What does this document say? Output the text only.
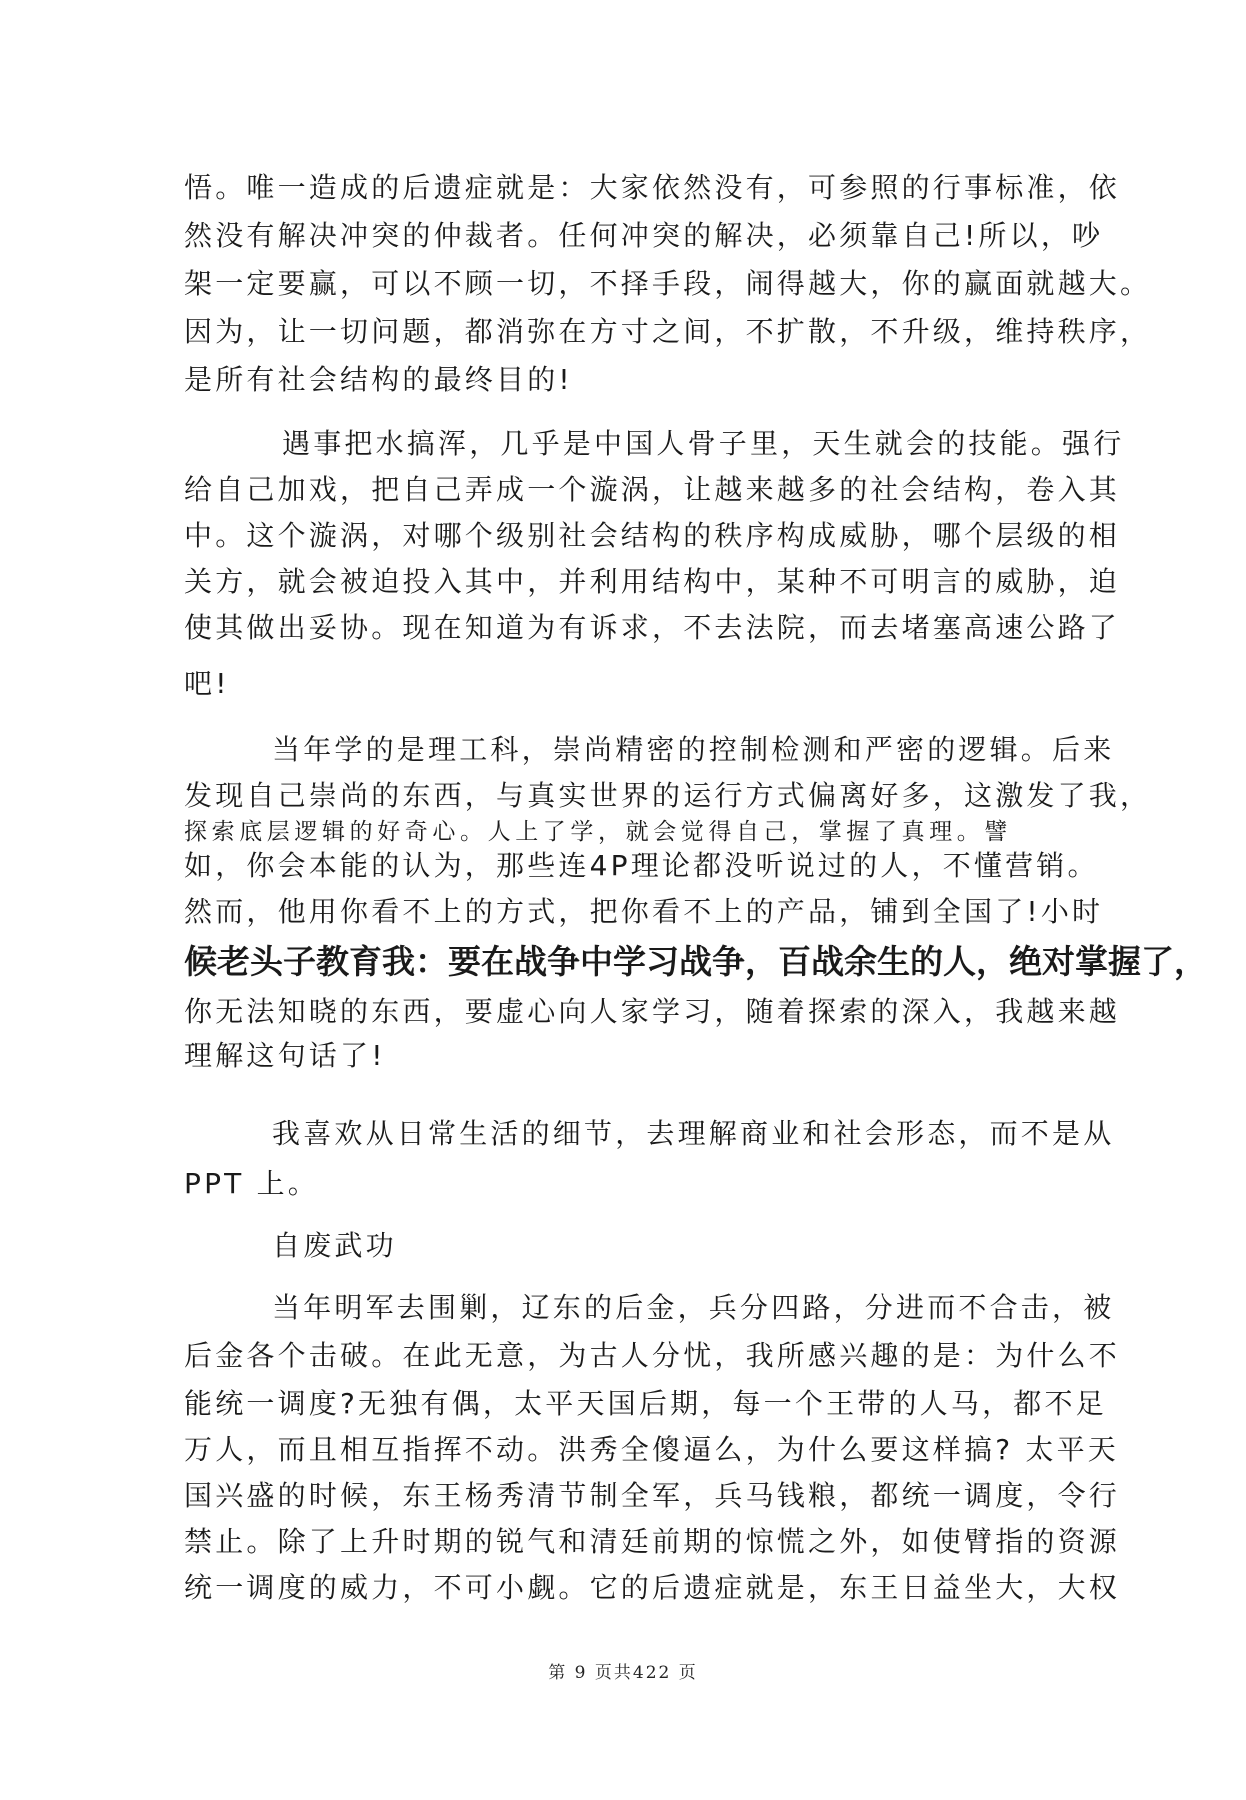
悟。唯一造成的后遗症就是：大家依然没有，可参照的行事标准，依
然没有解决冲突的仲裁者。任何冲突的解决，必须靠自己!所以，吵
架一定要赢，可以不顾一切，不择手段，闹得越大，你的赢面就越大。
因为，让一切问题，都消弥在方寸之间，不扩散，不升级，维持秩序，
是所有社会结构的最终目的!
遇事把水搞浑，几乎是中国人骨子里，天生就会的技能。强行
给自己加戏，把自己弄成一个漩涡，让越来越多的社会结构，卷入其
中。这个漩涡，对哪个级别社会结构的秩序构成威胁，哪个层级的相
关方，就会被迫投入其中，并利用结构中，某种不可明言的威胁，迫
使其做出妥协。现在知道为有诉求，不去法院，而去堵塞高速公路了
吧!
当年学的是理工科，崇尚精密的控制检测和严密的逻辑。后来
发现自己崇尚的东西，与真实世界的运行方式偏离好多，这激发了我，
探索底层逻辑的好奇心。人上了学，就会觉得自己，掌握了真理。譬
如，你会本能的认为，那些连4P理论都没听说过的人，不懂营销。
然而，他用你看不上的方式，把你看不上的产品，铺到全国了!小时
候老头子教育我：要在战争中学习战争，百战余生的人，绝对掌握了，
你无法知晓的东西，要虚心向人家学习，随着探索的深入，我越来越
理解这句话了!
我喜欢从日常生活的细节，去理解商业和社会形态，而不是从
PPT 上。
自废武功
当年明军去围剿，辽东的后金，兵分四路，分进而不合击，被
后金各个击破。在此无意，为古人分忧，我所感兴趣的是：为什么不
能统一调度?无独有偶，太平天国后期，每一个王带的人马，都不足
万人，而且相互指挥不动。洪秀全傻逼么，为什么要这样搞? 太平天
国兴盛的时候，东王杨秀清节制全军，兵马钱粮，都统一调度，令行
禁止。除了上升时期的锐气和清廷前期的惊慌之外，如使臂指的资源
统一调度的威力，不可小觑。它的后遗症就是，东王日益坐大，大权
第 9 页共422 页
